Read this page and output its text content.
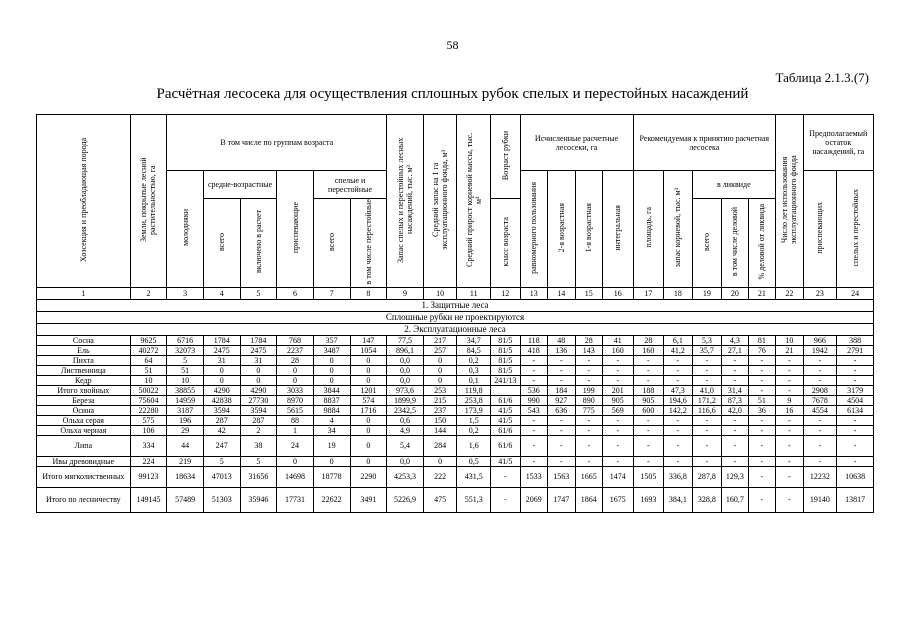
58
Таблица 2.1.3.(7)
Расчётная лесосека для осуществления сплошных рубок спелых и перестойных насаждений
Хозсекция и преобладающая порода	Земли, покрытые лесной растительностью, га	В том числе по группам возраста						Запас спелых и перестойных лесных насаждений, тыс. м³	Средний запас на 1 га эксплуатационного фонда, м³	Средний прирост корневой массы, тыс. м³	Возраст рубки	Исчисленные расчетные лесосеки, га				Рекомендуемая к принятию расчетная лесосека					Число лет использования эксплуатационного фонда	Предполагаемый остаток насаждений, га	
		молодняки	средне-возрастные		приспевающие	спелые и перестойные						равномерного пользования	2-я возрастная	1-я возрастная	интегральная	площадь, га	запас корневой, тыс. м³	в ликвиде				приспевающих	спелых и перестойных
			всего	включено в расчет		всего	в том числе перестойные				класс возраста							всего	в том числе деловой	% деловой от ликвида			
1	2	3	4	5	6	7	8	9	10	11	12	13	14	15	16	17	18	19	20	21	22	23	24
1. Защитные леса																							
Сплошные рубки не проектируются																							
2. Эксплуатационные леса																							
Сосна	9625	6716	1784	1784	768	357	147	77,5	217	34,7	81/5	118	48	28	41	28	6,1	5,3	4,3	81	10	966	388
Ель	40272	32073	2475	2475	2237	3487	1054	896,1	257	84,5	81/5	418	136	143	160	160	41,2	35,7	27,1	76	21	1942	2791
Пихта	64	5	31	31	28	0	0	0,0	0	0,2	81/5	-	-	-	-	-	-	-	-	-	-	-	-
Лиственница	51	51	0	0	0	0	0	0,0	0	0,3	81/5	-	-	-	-	-	-	-	-	-	-	-	-
Кедр	10	10	0	0	0	0	0	0,0	0	0,1	241/13	-	-	-	-	-	-	-	-	-	-	-	-
Итого хвойных	50022	38855	4290	4290	3033	3844	1201	973,6	253	119,8		536	184	199	201	188	47,3	41,0	31,4	-	-	2908	3179
Береза	75604	14959	42838	27730	8970	8837	574	1899,9	215	253,8	61/6	990	927	890	905	905	194,6	171,2	87,3	51	9	7678	4504
Осина	22280	3187	3594	3594	5615	9884	1716	2342,5	237	173,9	41/5	543	636	775	569	600	142,2	116,6	42,0	36	16	4554	6134
Ольха серая	575	196	287	287	88	4	0	0,6	150	1,5	41/5	-	-	-	-	-	-	-	-	-	-	-	-
Ольха черная	106	29	42	2	1	34	0	4,9	144	0,2	61/6	-	-	-	-	-	-	-	-	-	-	-	-
Липа	334	44	247	38	24	19	0	5,4	284	1,6	61/6	-	-	-	-	-	-	-	-	-	-	-	-
Ивы древовидные	224	219	5	5	0	0	0	0,0	0	0,5	41/5	-	-	-	-	-	-	-	-	-	-	-	-
Итого мягколиственных	99123	18634	47013	31656	14698	18778	2290	4253,3	222	431,5	-	1533	1563	1665	1474	1505	336,8	287,8	129,3	-	-	12232	10638
Итого по лесничеству	149145	57489	51303	35946	17731	22622	3491	5226,9	475	551,3	-	2069	1747	1864	1675	1693	384,1	328,8	160,7	-	-	19140	13817
